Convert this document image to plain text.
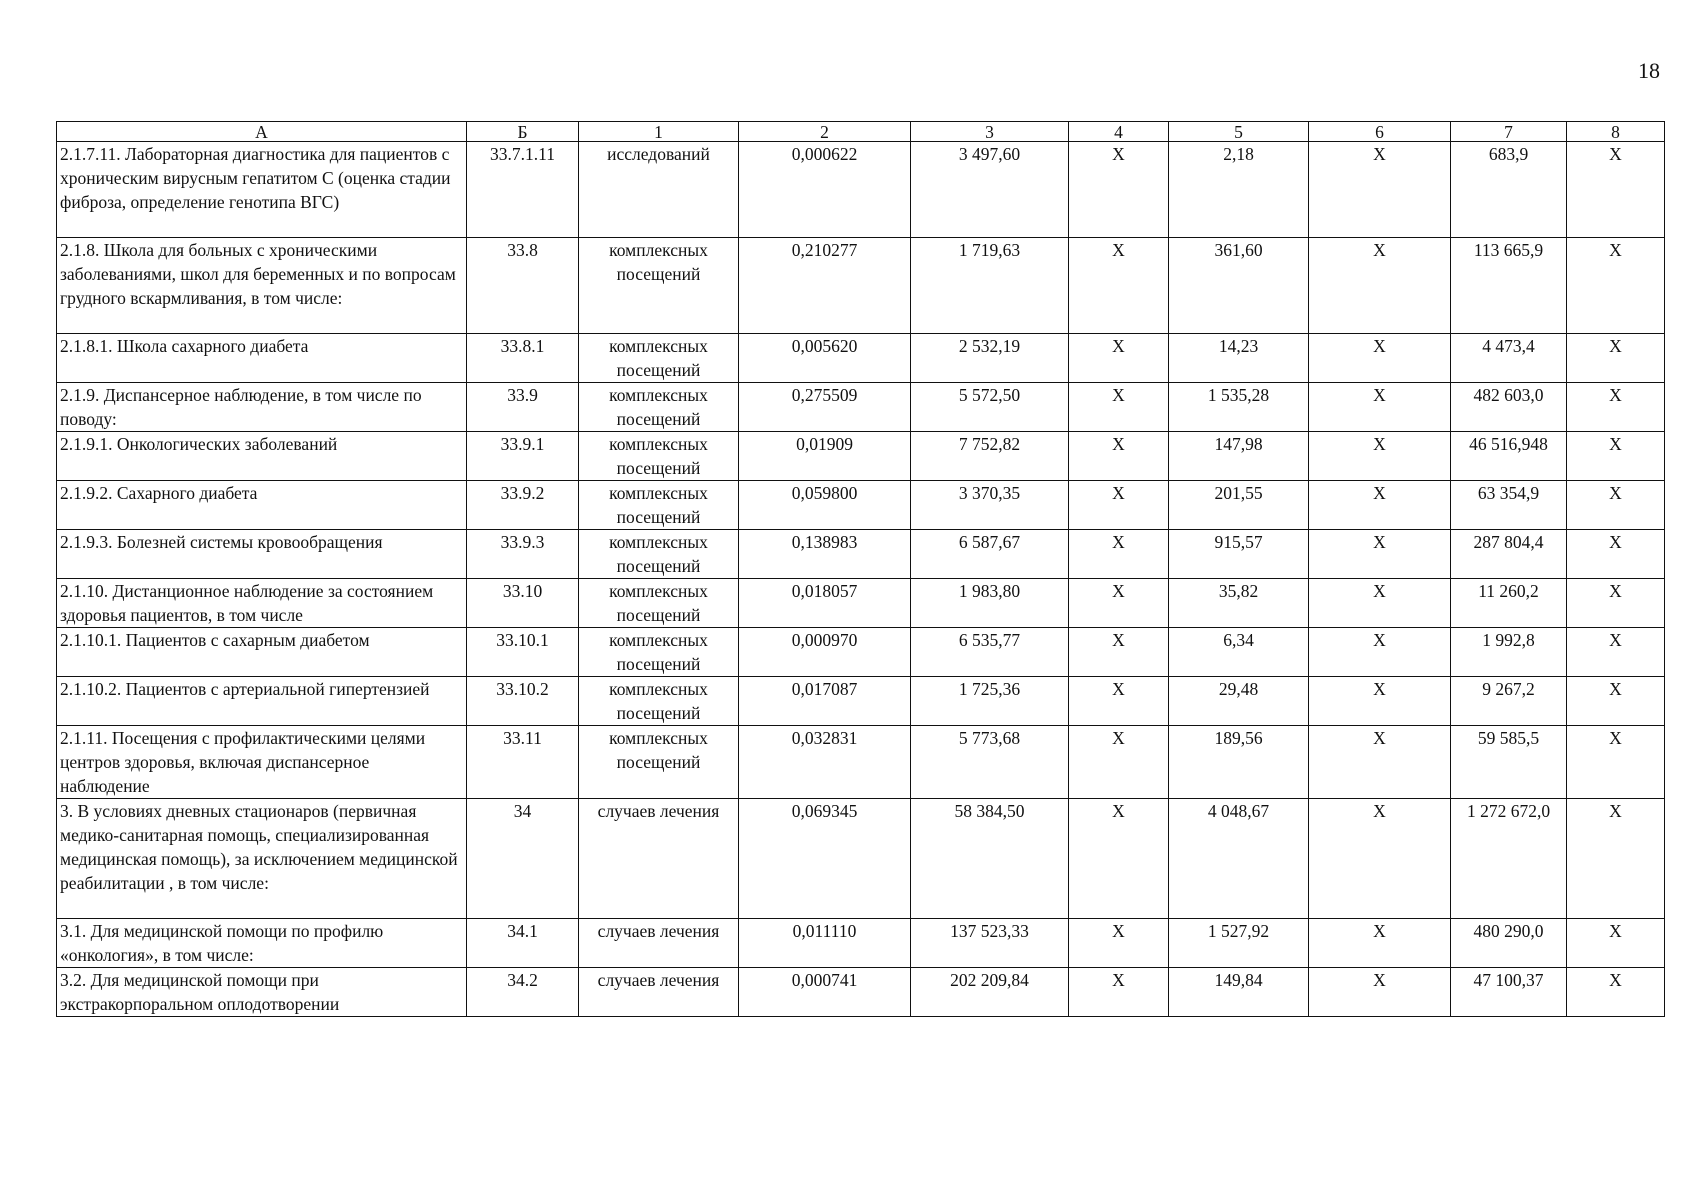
18
А	Б	1	2	3	4	5	6	7	8
2.1.7.11. Лабораторная диагностика для пациентов с хроническим вирусным гепатитом С (оценка стадии фиброза, определение генотипа ВГС)	33.7.1.11	исследований	0,000622	3 497,60	X	2,18	X	683,9	X
2.1.8. Школа для больных с хроническими заболеваниями, школ для беременных и по вопросам грудного вскармливания, в том числе:	33.8	комплексных посещений	0,210277	1 719,63	X	361,60	X	113 665,9	X
2.1.8.1. Школа сахарного диабета	33.8.1	комплексных посещений	0,005620	2 532,19	X	14,23	X	4 473,4	X
2.1.9. Диспансерное наблюдение, в том числе по поводу:	33.9	комплексных посещений	0,275509	5 572,50	X	1 535,28	X	482 603,0	X
2.1.9.1. Онкологических заболеваний	33.9.1	комплексных посещений	0,01909	7 752,82	X	147,98	X	46 516,948	X
2.1.9.2. Сахарного диабета	33.9.2	комплексных посещений	0,059800	3 370,35	X	201,55	X	63 354,9	X
2.1.9.3. Болезней системы кровообращения	33.9.3	комплексных посещений	0,138983	6 587,67	X	915,57	X	287 804,4	X
2.1.10. Дистанционное наблюдение за состоянием здоровья пациентов, в том числе	33.10	комплексных посещений	0,018057	1 983,80	X	35,82	X	11 260,2	X
2.1.10.1. Пациентов с сахарным диабетом	33.10.1	комплексных посещений	0,000970	6 535,77	X	6,34	X	1 992,8	X
2.1.10.2. Пациентов с артериальной гипертензией	33.10.2	комплексных посещений	0,017087	1 725,36	X	29,48	X	9 267,2	X
2.1.11. Посещения с профилактическими целями центров здоровья, включая диспансерное наблюдение	33.11	комплексных посещений	0,032831	5 773,68	X	189,56	X	59 585,5	X
3. В условиях дневных стационаров (первичная медико-санитарная помощь, специализированная медицинская помощь), за исключением медицинской реабилитации , в том числе:	34	случаев лечения	0,069345	58 384,50	X	4 048,67	X	1 272 672,0	X
3.1. Для медицинской помощи по профилю «онкология», в том числе:	34.1	случаев лечения	0,011110	137 523,33	X	1 527,92	X	480 290,0	X
3.2. Для медицинской помощи при экстракорпоральном оплодотворении	34.2	случаев лечения	0,000741	202 209,84	X	149,84	X	47 100,37	X
